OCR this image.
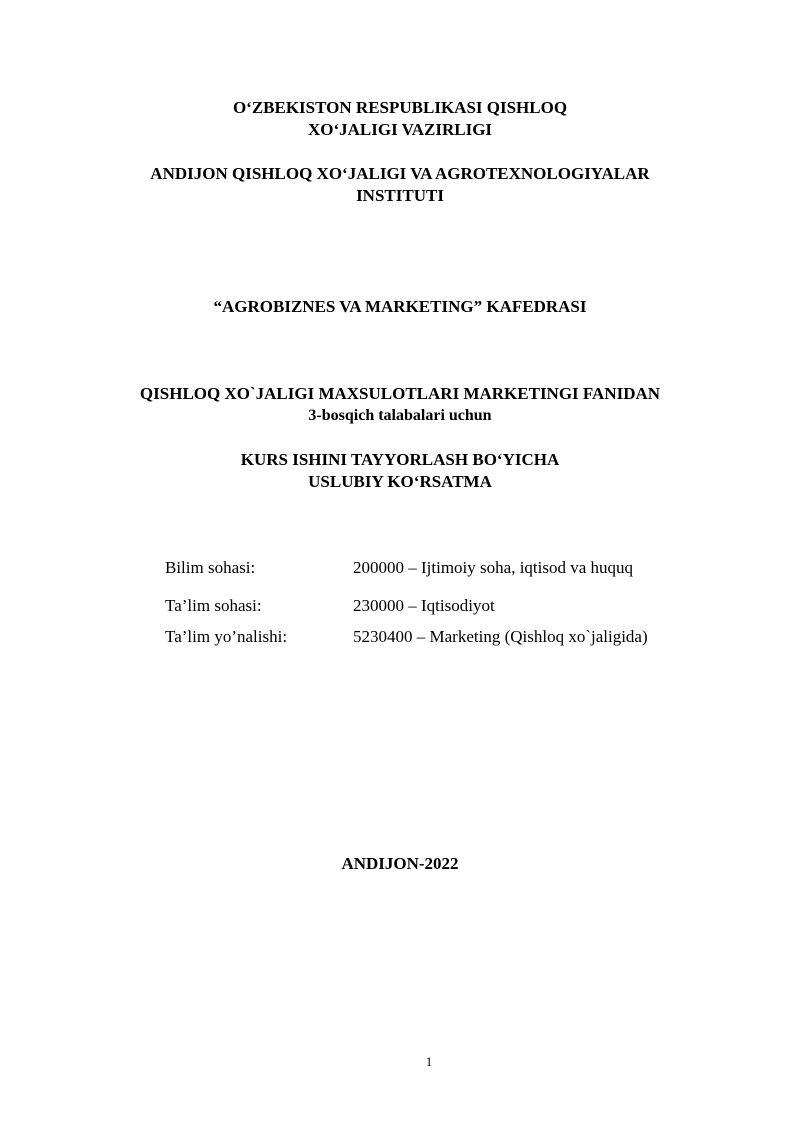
O‘ZBEKISTON RESPUBLIKASI QISHLOQ
XO‘JALIGI VAZIRLIGI
ANDIJON QISHLOQ XO‘JALIGI VA AGROTEXNOLOGIYALAR
INSTITUTI
“AGROBIZNES VA MARKETING” KAFEDRASI
QISHLOQ XO`JALIGI MAXSULOTLARI MARKETINGI FANIDAN
3-bosqich talabalari uchun
KURS ISHINI TAYYORLASH BO‘YICHA
USLUBIY KO‘RSATMA
Bilim sohasi:	200000 – Ijtimoiy soha, iqtisod va huquq
Ta’lim sohasi:	230000 – Iqtisodiyot
Ta’lim yo’nalishi:	5230400 – Marketing (Qishloq xo`jaligida)
ANDIJON-2022
1
